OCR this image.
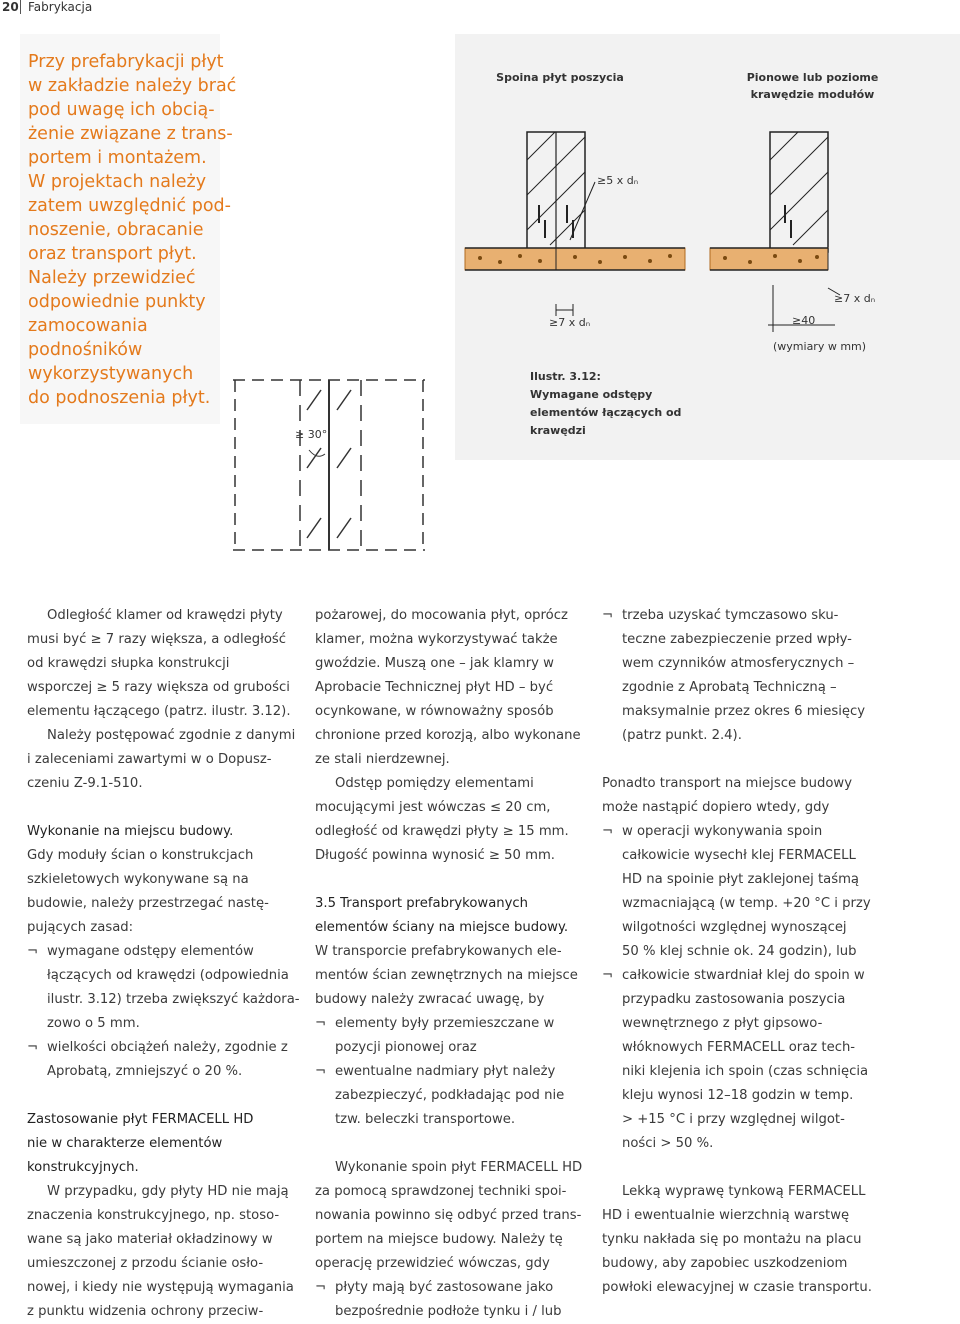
20 Fabrykacja
Przy prefabrykacji płyt
w zakładzie należy brać
pod uwagę ich obcią-
żenie związane z trans-
portem i montażem.
W projektach należy
zatem uwzględnić pod-
noszenie, obracanie
oraz transport płyt.
Należy przewidzieć
odpowiednie punkty
zamocowania
podnośników
wykorzystywanych
do podnoszenia płyt.
Spoina płyt poszycia	Pionowe lub poziome
krawędzie modułów
≥5 x dₙ
≥7 x dₙ	≥40
≥7 x dₙ
(wymiary w mm)
Ilustr. 3.12:
Wymagane odstępy
elementów łączących od
krawędzi
≥ 30°

Odległość klamer od krawędzi płyty

musi być ≥ 7 razy większa, a odległość
od krawędzi słupka konstrukcji
wsporczej ≥ 5 razy większa od grubości
elementu łączącego (patrz. ilustr. 3.12).
Należy postępować zgodnie z danymi
i zaleceniami zawartymi w o Dopusz-
czeniu Z-9.1-510.
Wykonanie na miejscu budowy.
Gdy moduły ścian o konstrukcjach
szkieletowych wykonywane są na
budowie, należy przestrzegać nastę-
pujących zasad:
¬ wymagane odstępy elementów
łączących od krawędzi (odpowiednia
ilustr. 3.12) trzeba zwiększyć każdora-
zowo o 5 mm.
¬ wielkości obciążeń należy, zgodnie z
Aprobatą, zmniejszyć o 20 %.
Zastosowanie płyt FERMACELL HD
nie w charakterze elementów
konstrukcyjnych.
W przypadku, gdy płyty HD nie mają
znaczenia konstrukcyjnego, np. stoso-
wane są jako materiał okładzinowy w
umieszczonej z przodu ścianie osło-
nowej, i kiedy nie występują wymagania
z punktu widzenia ochrony przeciw-
pożarowej, do mocowania płyt, oprócz
klamer, można wykorzystywać także
gwoździe. Muszą one – jak klamry w
Aprobacie Technicznej płyt HD – być
ocynkowane, w równoważny sposób
chronione przed korozją, albo wykonane
ze stali nierdzewnej.
Odstęp pomiędzy elementami
mocującymi jest wówczas ≤ 20 cm,
odległość od krawędzi płyty ≥ 15 mm.
Długość powinna wynosić ≥ 50 mm.
3.5 Transport prefabrykowanych
elementów ściany na miejsce budowy.
W transporcie prefabrykowanych ele-
mentów ścian zewnętrznych na miejsce
budowy należy zwracać uwagę, by
¬ elementy były przemieszczane w
pozycji pionowej oraz
¬ ewentualne nadmiary płyt należy
zabezpieczyć, podkładając pod nie
tzw. beleczki transportowe.
Wykonanie spoin płyt FERMACELL HD
za pomocą sprawdzonej techniki spoi-
nowania powinno się odbyć przed trans-
portem na miejsce budowy. Należy tę
operację przewidzieć wówczas, gdy
¬ płyty mają być zastosowane jako
bezpośrednie podłoże tynku i / lub
¬ trzeba uzyskać tymczasowo sku-
teczne zabezpieczenie przed wpły-
wem czynników atmosferycznych –
zgodnie z Aprobatą Techniczną –
maksymalnie przez okres 6 miesięcy
(patrz punkt. 2.4).
Ponadto transport na miejsce budowy
może nastąpić dopiero wtedy, gdy
¬ w operacji wykonywania spoin
całkowicie wysechł klej FERMACELL
HD na spoinie płyt zaklejonej taśmą
wzmacniającą (w temp. +20 °C i przy
wilgotności względnej wynoszącej
50 % klej schnie ok. 24 godzin), lub
¬ całkowicie stwardniał klej do spoin w
przypadku zastosowania poszycia
wewnętrznego z płyt gipsowo-
włóknowych FERMACELL oraz tech-
niki klejenia ich spoin (czas schnięcia
kleju wynosi 12–18 godzin w temp.
> +15 °C i przy względnej wilgot-
ności > 50 %.
Lekką wyprawę tynkową FERMACELL
HD i ewentualnie wierzchnią warstwę
tynku nakłada się po montażu na placu
budowy, aby zapobiec uszkodzeniom
powłoki elewacyjnej w czasie transportu.
